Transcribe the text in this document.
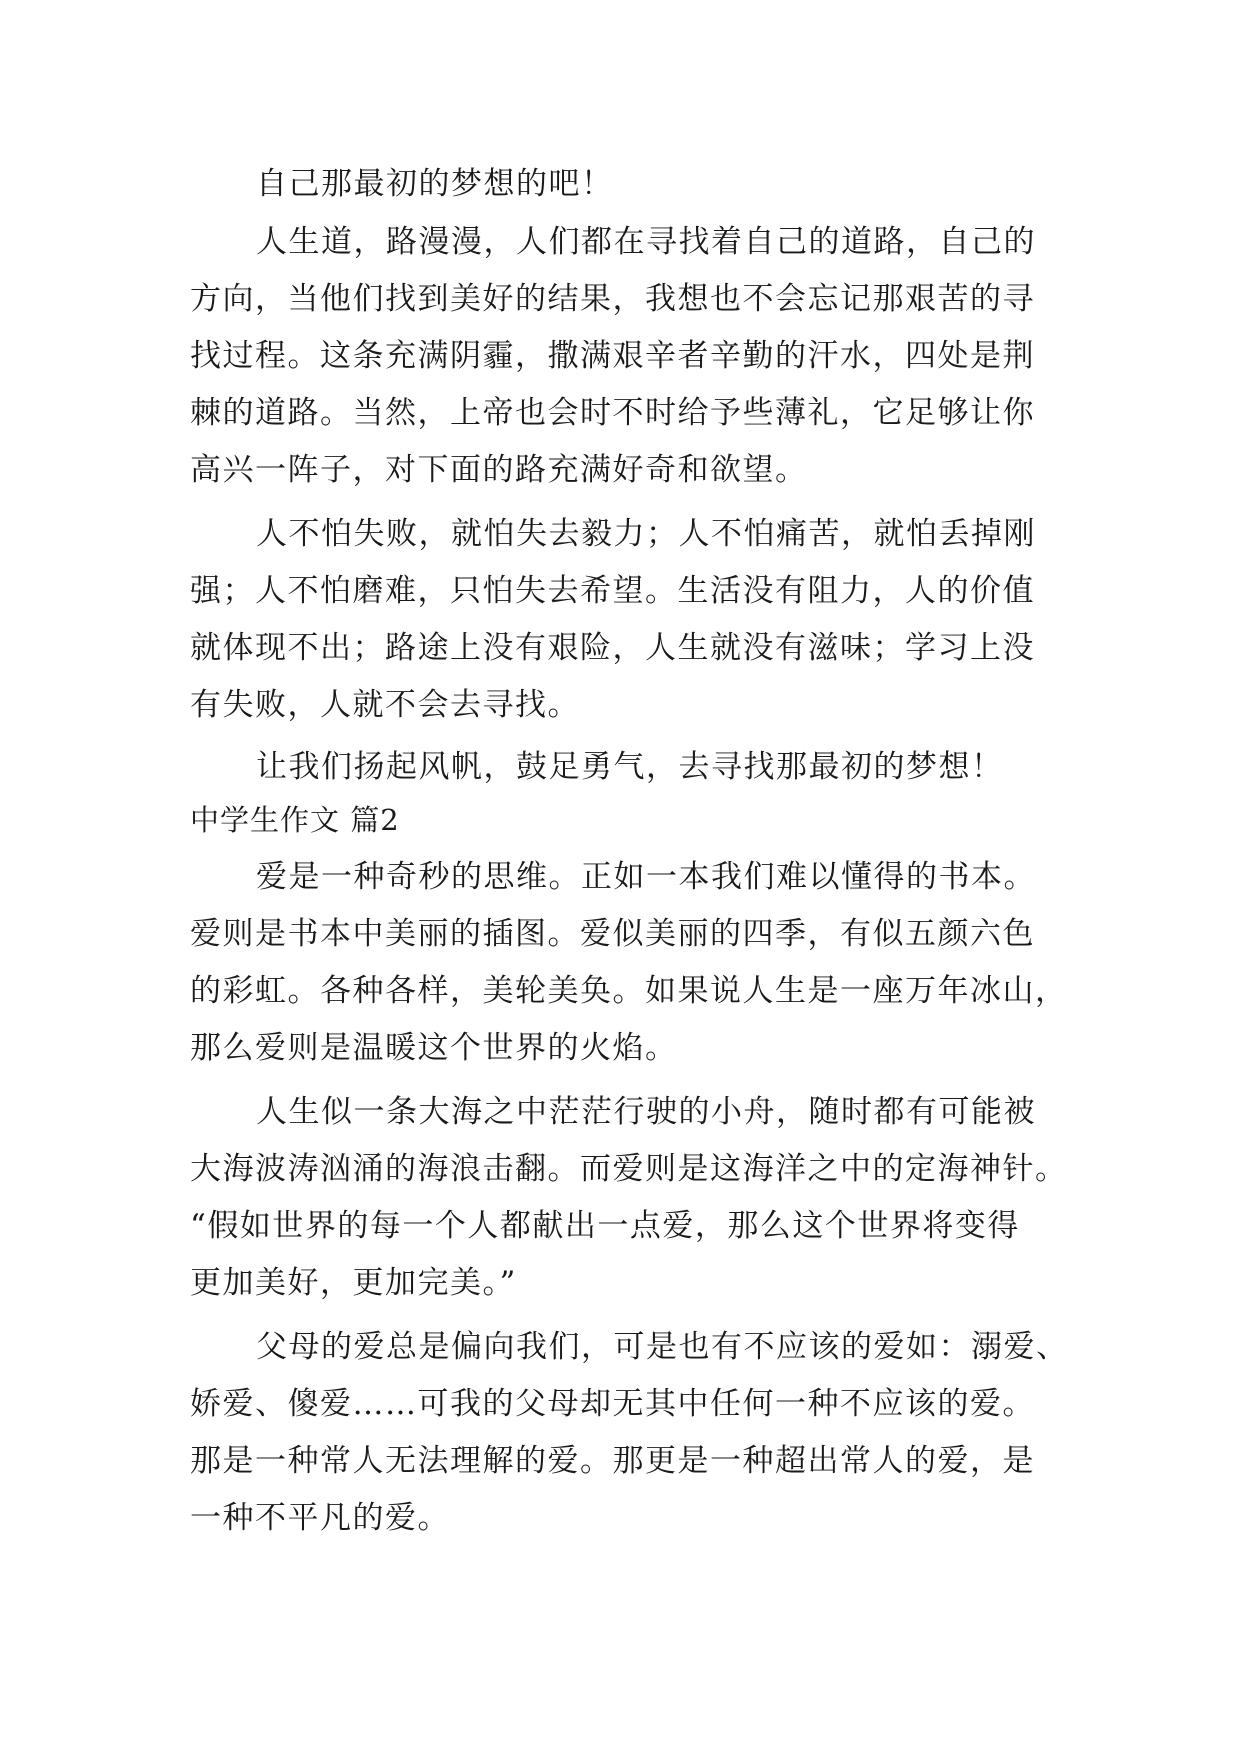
自己那最初的梦想的吧！
人生道，路漫漫，人们都在寻找着自己的道路，自己的
方向，当他们找到美好的结果，我想也不会忘记那艰苦的寻
找过程。这条充满阴霾，撒满艰辛者辛勤的汗水，四处是荆
棘的道路。当然，上帝也会时不时给予些薄礼，它足够让你
高兴一阵子，对下面的路充满好奇和欲望。
人不怕失败，就怕失去毅力；人不怕痛苦，就怕丢掉刚
强；人不怕磨难，只怕失去希望。生活没有阻力，人的价值
就体现不出；路途上没有艰险，人生就没有滋味；学习上没
有失败，人就不会去寻找。
让我们扬起风帆，鼓足勇气，去寻找那最初的梦想！
中学生作文 篇2
爱是一种奇秒的思维。正如一本我们难以懂得的书本。
爱则是书本中美丽的插图。爱似美丽的四季，有似五颜六色
的彩虹。各种各样，美轮美奂。如果说人生是一座万年冰山，
那么爱则是温暖这个世界的火焰。
人生似一条大海之中茫茫行驶的小舟，随时都有可能被
大海波涛汹涌的海浪击翻。而爱则是这海洋之中的定海神针。
“假如世界的每一个人都献出一点爱，那么这个世界将变得
更加美好，更加完美。”
父母的爱总是偏向我们，可是也有不应该的爱如：溺爱、
娇爱、傻爱……可我的父母却无其中任何一种不应该的爱。
那是一种常人无法理解的爱。那更是一种超出常人的爱，是
一种不平凡的爱。
